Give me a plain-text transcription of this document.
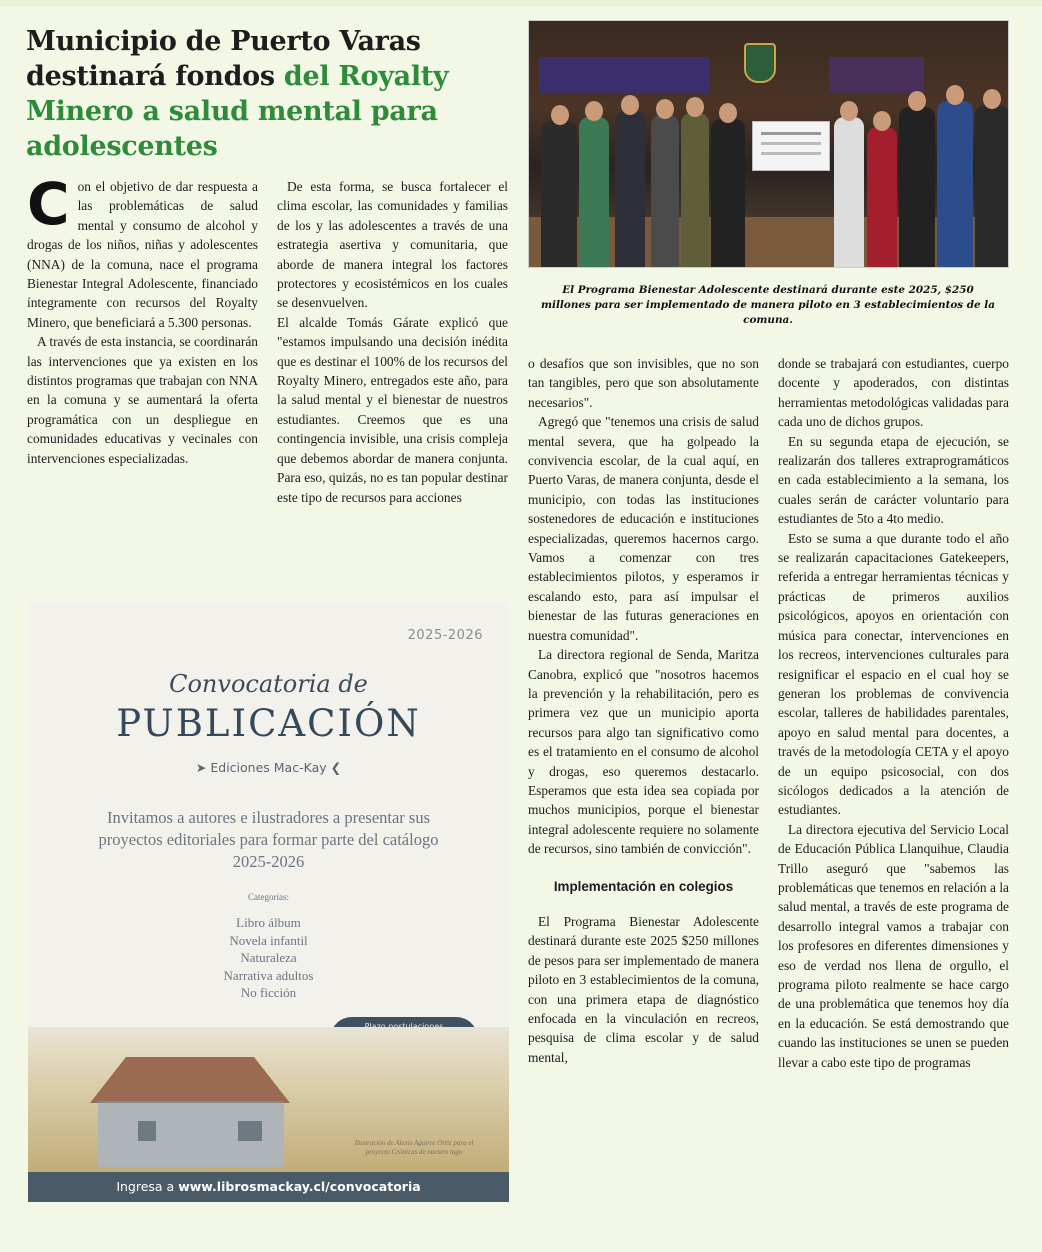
Municipio de Puerto Varas destinará fondos del Royalty Minero a salud mental para adolescentes

Con el objetivo de dar respuesta a las problemáticas de salud mental y consumo de alcohol y drogas de los niños, niñas y adolescentes (NNA) de la comuna, nace el programa Bienestar Integral Adolescente, financiado íntegramente con recursos del Royalty Minero, que beneficiará a 5.300 personas.

A través de esta instancia, se coordinarán las intervenciones que ya existen en los distintos programas que trabajan con NNA en la comuna y se aumentará la oferta programática con un despliegue en comunidades educativas y vecinales con intervenciones especializadas.

De esta forma, se busca fortalecer el clima escolar, las comunidades y familias de los y las adolescentes a través de una estrategia asertiva y comunitaria, que aborde de manera integral los factores protectores y ecosistémicos en los cuales se desenvuelven.

El alcalde Tomás Gárate explicó que "estamos impulsando una decisión inédita que es destinar el 100% de los recursos del Royalty Minero, entregados este año, para la salud mental y el bienestar de nuestros estudiantes. Creemos que es una contingencia invisible, una crisis compleja que debemos abordar de manera conjunta. Para eso, quizás, no es tan popular destinar este tipo de recursos para acciones

El Programa Bienestar Adolescente destinará durante este 2025, $250 millones para ser implementado de manera piloto en 3 establecimientos de la comuna.

o desafíos que son invisibles, que no son tan tangibles, pero que son absolutamente necesarios".

Agregó que "tenemos una crisis de salud mental severa, que ha golpeado la convivencia escolar, de la cual aquí, en Puerto Varas, de manera conjunta, desde el municipio, con todas las instituciones sostenedores de educación e instituciones especializadas, queremos hacernos cargo. Vamos a comenzar con tres establecimientos pilotos, y esperamos ir escalando esto, para así impulsar el bienestar de las futuras generaciones en nuestra comunidad".

La directora regional de Senda, Maritza Canobra, explicó que "nosotros hacemos la prevención y la rehabilitación, pero es primera vez que un municipio aporta recursos para algo tan significativo como es el tratamiento en el consumo de alcohol y drogas, eso queremos destacarlo. Esperamos que esta idea sea copiada por muchos municipios, porque el bienestar integral adolescente requiere no solamente de recursos, sino también de convicción".

Implementación en colegios

El Programa Bienestar Adolescente destinará durante este 2025 $250 millones de pesos para ser implementado de manera piloto en 3 establecimientos de la comuna, con una primera etapa de diagnóstico enfocada en la vinculación en recreos, pesquisa de clima escolar y de salud mental,

donde se trabajará con estudiantes, cuerpo docente y apoderados, con distintas herramientas metodológicas validadas para cada uno de dichos grupos.

En su segunda etapa de ejecución, se realizarán dos talleres extraprogramáticos en cada establecimiento a la semana, los cuales serán de carácter voluntario para estudiantes de 5to a 4to medio.

Esto se suma a que durante todo el año se realizarán capacitaciones Gatekeepers, referida a entregar herramientas técnicas y prácticas de primeros auxilios psicológicos, apoyos en orientación con música para conectar, intervenciones en los recreos, intervenciones culturales para resignificar el espacio en el cual hoy se generan los problemas de convivencia escolar, talleres de habilidades parentales, apoyo en salud mental para docentes, a través de la metodología CETA y el apoyo de un equipo psicosocial, con dos sicólogos dedicados a la atención de estudiantes.

La directora ejecutiva del Servicio Local de Educación Pública Llanquihue, Claudia Trillo aseguró que "sabemos las problemáticas que tenemos en relación a la salud mental, a través de este programa de desarrollo integral vamos a trabajar con los profesores en diferentes dimensiones y eso de verdad nos llena de orgullo, el programa piloto realmente se hace cargo de una problemática que tenemos hoy día en la educación. Se está demostrando que cuando las instituciones se unen se pueden llevar a cabo este tipo de programas

2025-2026
Convocatoria de
PUBLICACIÓN
➤ Ediciones Mac-Kay ❮
Invitamos a autores e ilustradores a presentar sus proyectos editoriales para formar parte del catálogo 2025-2026
Categorías:
Libro álbum
Novela infantil
Naturaleza
Narrativa adultos
No ficción
Ilustración de Alexis Aguirre Ortiz para el proyecto Crónicas de nuestro lago
Ingresa a www.librosmackay.cl/convocatoria
